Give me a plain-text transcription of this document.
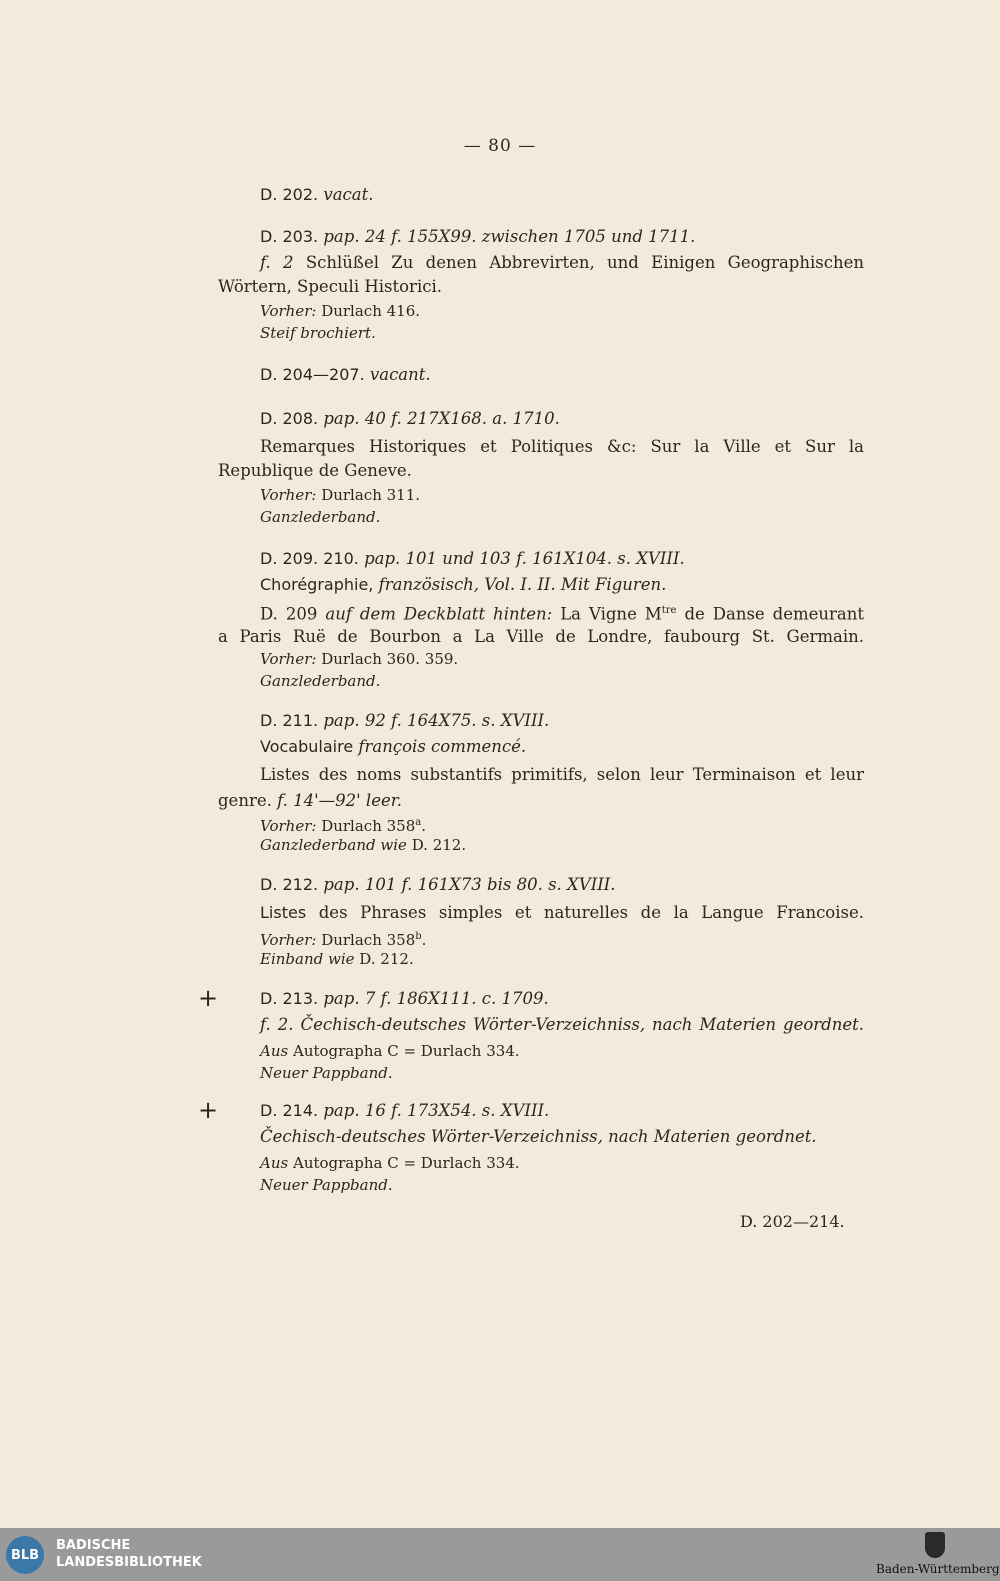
— 80 —
D. 202. vacat.
D. 203. pap. 24 f. 155X99. zwischen 1705 und 1711.
f. 2 Schlüßel Zu denen Abbrevirten, und Einigen Geographischen
Wörtern, Speculi Historici.
Vorher: Durlach 416.
Steif brochiert.
D. 204—207. vacant.
D. 208. pap. 40 f. 217X168. a. 1710.
Remarques Historiques et Politiques &c: Sur la Ville et Sur la
Republique de Geneve.
Vorher: Durlach 311.
Ganzlederband.
D. 209. 210. pap. 101 und 103 f. 161X104. s. XVIII.
Chorégraphie, französisch, Vol. I. II. Mit Figuren.
D. 209 auf dem Deckblatt hinten: La Vigne $M^{tre}$ de Danse demeurant
a Paris Ruë de Bourbon a La Ville de Londre, faubourg St. Germain.
Vorher: Durlach 360. 359.
Ganzlederband.
D. 211. pap. 92 f. 164X75. s. XVIII.
Vocabulaire françois commencé.
Listes des noms substantifs primitifs, selon leur Terminaison et leur
genre. f. 14'—92' leer.
Vorher: Durlach 358$^a$.
Ganzlederband wie D. 212.
D. 212. pap. 101 f. 161X73 bis 80. s. XVIII.
Listes des Phrases simples et naturelles de la Langue Francoise.
Vorher: Durlach 358$^b$.
Einband wie D. 212.
+	D. 213. pap. 7 f. 186X111. c. 1709.
f. 2. Čechisch-deutsches Wörter-Verzeichniss, nach Materien geordnet.
Aus Autographa C = Durlach 334.
Neuer Pappband.
+	D. 214. pap. 16 f. 173X54. s. XVIII.
Čechisch-deutsches Wörter-Verzeichniss, nach Materien geordnet.
Aus Autographa C = Durlach 334.
Neuer Pappband.
D. 202—214.
BLB
BADISCHE
LANDESBIBLIOTHEK	Baden-Württemberg
